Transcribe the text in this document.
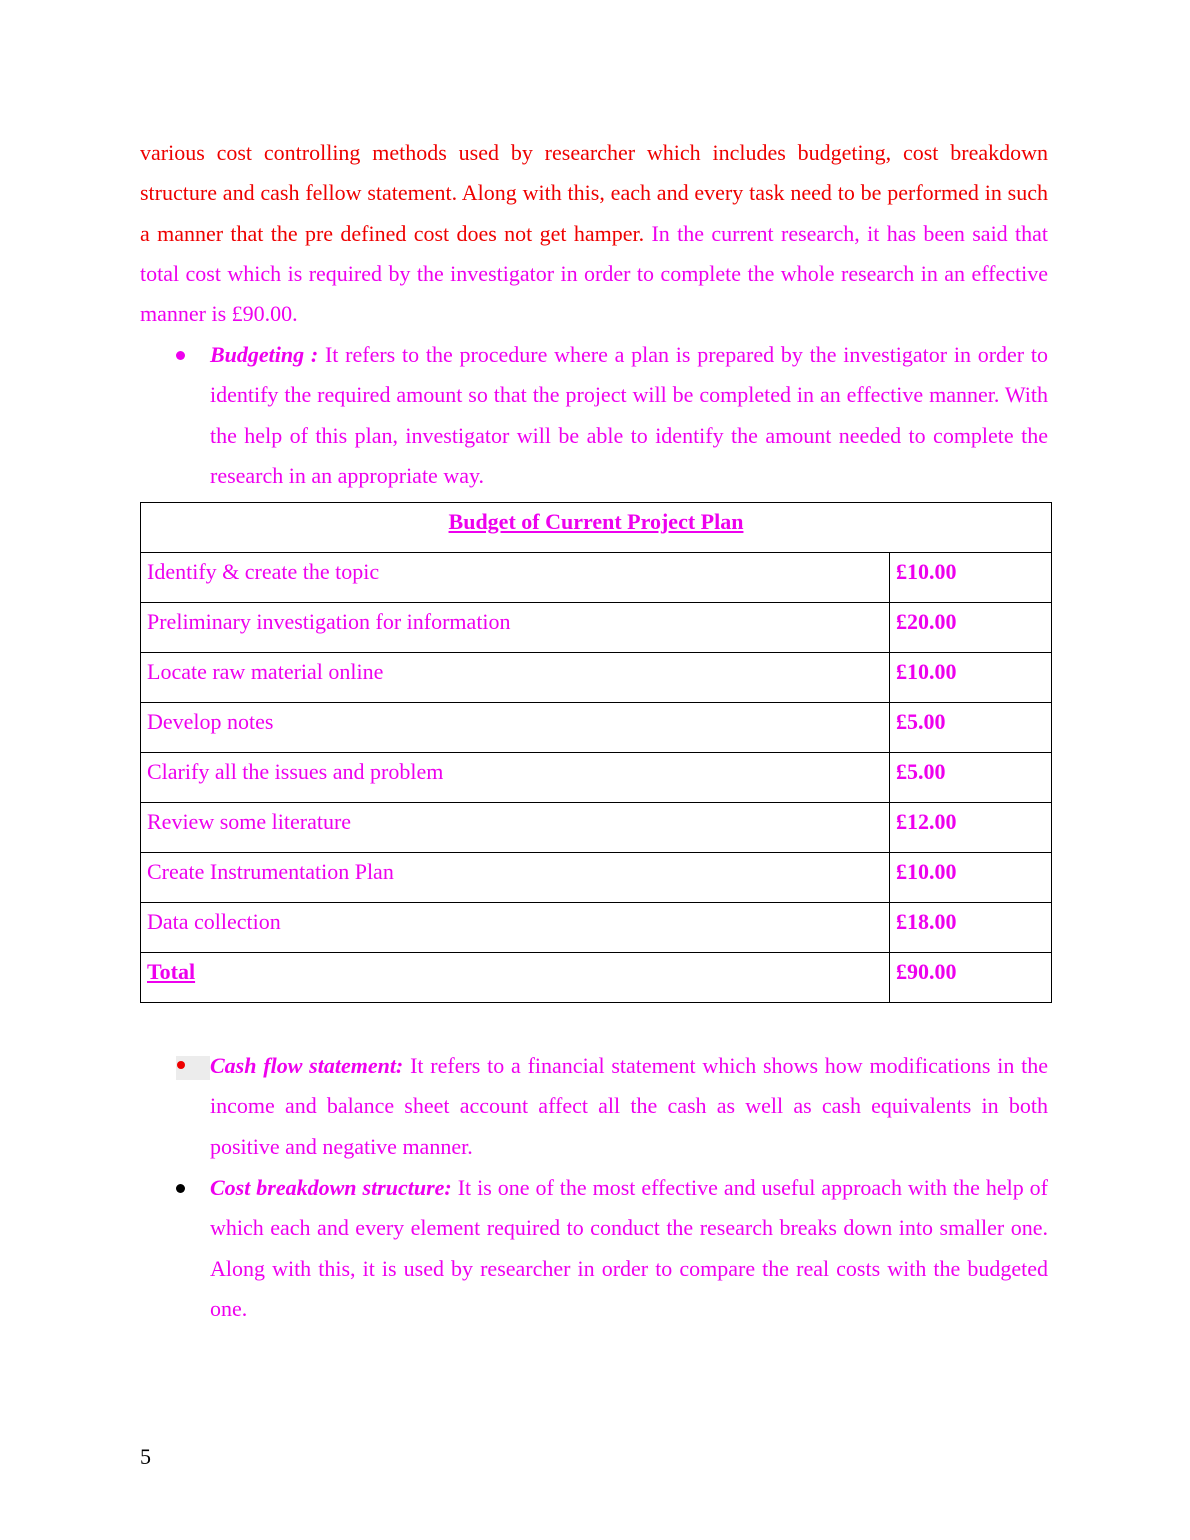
various cost controlling methods used by researcher which includes budgeting, cost breakdown structure and cash fellow statement. Along with this, each and every task need to be performed in such a manner that the pre defined cost does not get hamper. In the current research, it has been said that total cost which is required by the investigator in order to complete the whole research in an effective manner is £90.00.

Budgeting : It refers to the procedure where a plan is prepared by the investigator in order to identify the required amount so that the project will be completed in an effective manner. With the help of this plan, investigator will be able to identify the amount needed to complete the research in an appropriate way.

Budget of Current Project Plan	
Identify & create the topic	£10.00
Preliminary investigation for information	£20.00
Locate raw material online	£10.00
Develop notes	£5.00
Clarify all the issues and problem	£5.00
Review some literature	£12.00
Create Instrumentation Plan	£10.00
Data collection	£18.00
Total	£90.00

Cash flow statement: It refers to a financial statement which shows how modifications in the income and balance sheet account affect all the cash as well as cash equivalents in both positive and negative manner.

Cost breakdown structure: It is one of the most effective and useful approach with the help of which each and every element required to conduct the research breaks down into smaller one. Along with this, it is used by researcher in order to compare the real costs with the budgeted one.

5
